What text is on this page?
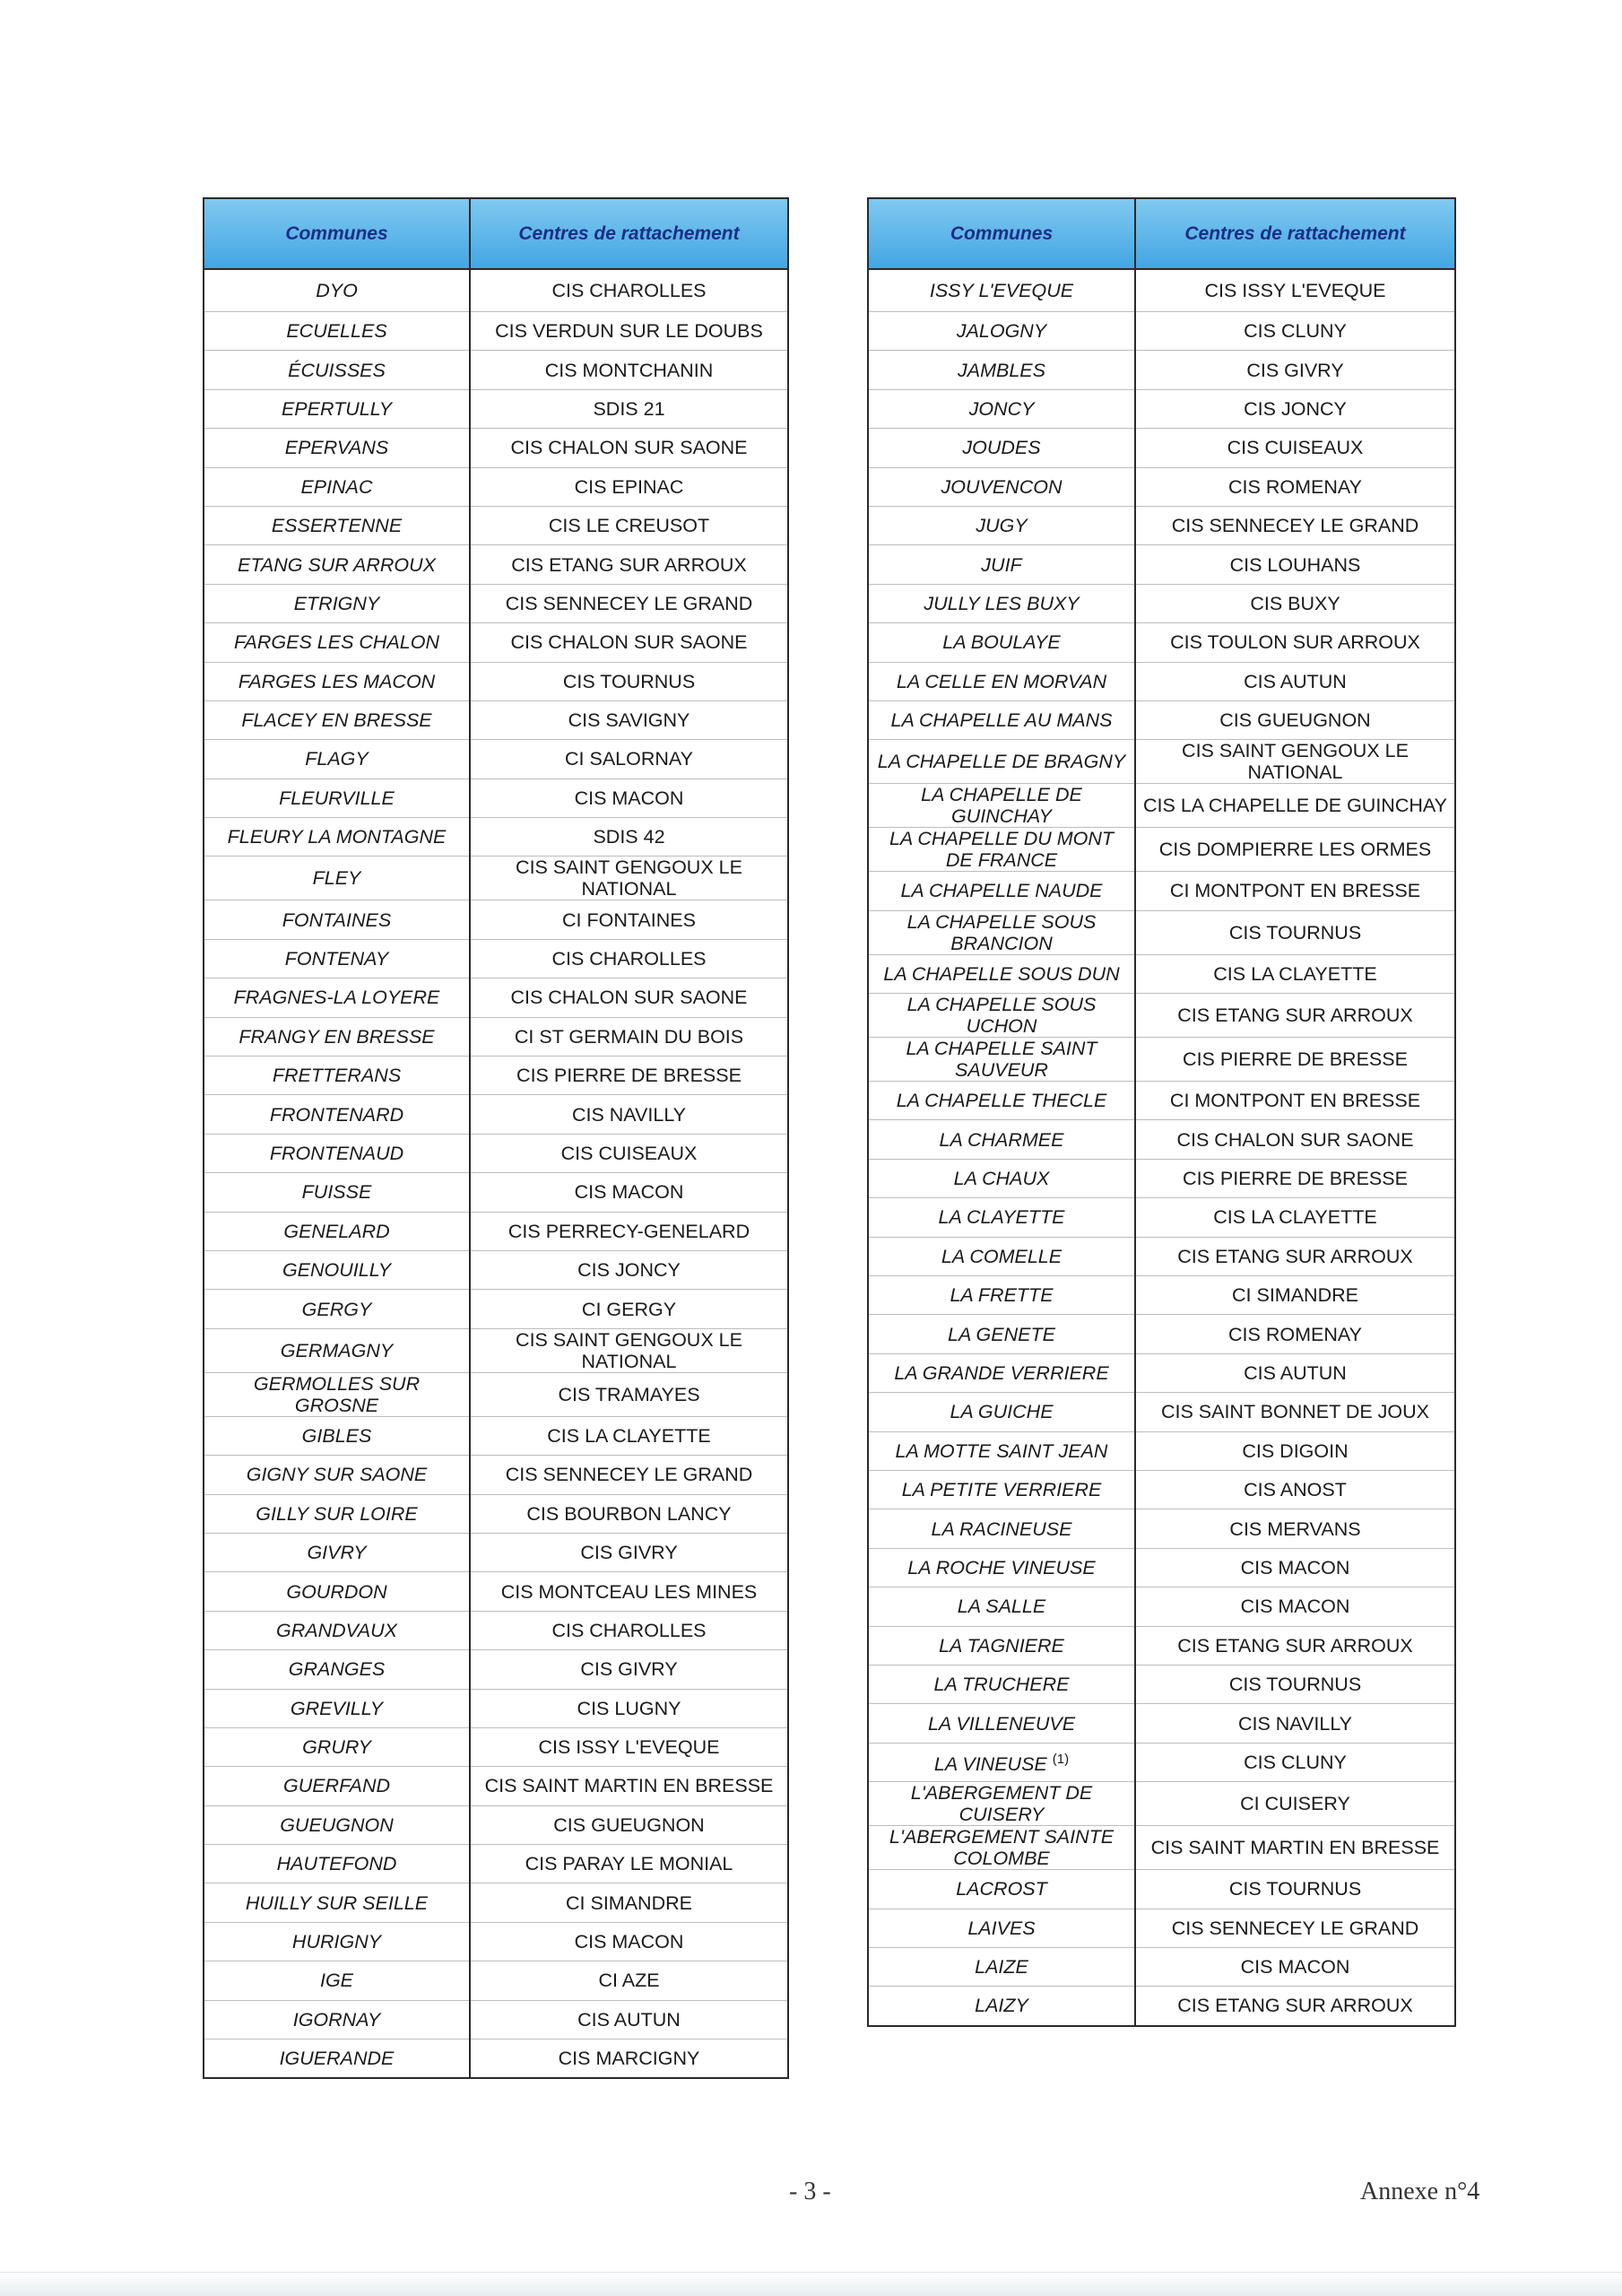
Communes	Centres de rattachement
DYO	CIS CHAROLLES
ECUELLES	CIS VERDUN SUR LE DOUBS
ÉCUISSES	CIS MONTCHANIN
EPERTULLY	SDIS 21
EPERVANS	CIS CHALON SUR SAONE
EPINAC	CIS EPINAC
ESSERTENNE	CIS LE CREUSOT
ETANG SUR ARROUX	CIS ETANG SUR ARROUX
ETRIGNY	CIS SENNECEY LE GRAND
FARGES LES CHALON	CIS CHALON SUR SAONE
FARGES LES MACON	CIS TOURNUS
FLACEY EN BRESSE	CIS SAVIGNY
FLAGY	CI SALORNAY
FLEURVILLE	CIS MACON
FLEURY LA MONTAGNE	SDIS 42
FLEY	CIS SAINT GENGOUX LE NATIONAL
FONTAINES	CI FONTAINES
FONTENAY	CIS CHAROLLES
FRAGNES-LA LOYERE	CIS CHALON SUR SAONE
FRANGY EN BRESSE	CI ST GERMAIN DU BOIS
FRETTERANS	CIS PIERRE DE BRESSE
FRONTENARD	CIS NAVILLY
FRONTENAUD	CIS CUISEAUX
FUISSE	CIS MACON
GENELARD	CIS PERRECY-GENELARD
GENOUILLY	CIS JONCY
GERGY	CI GERGY
GERMAGNY	CIS SAINT GENGOUX LE NATIONAL
GERMOLLES SUR GROSNE	CIS TRAMAYES
GIBLES	CIS LA CLAYETTE
GIGNY SUR SAONE	CIS SENNECEY LE GRAND
GILLY SUR LOIRE	CIS BOURBON LANCY
GIVRY	CIS GIVRY
GOURDON	CIS MONTCEAU LES MINES
GRANDVAUX	CIS CHAROLLES
GRANGES	CIS GIVRY
GREVILLY	CIS LUGNY
GRURY	CIS ISSY L'EVEQUE
GUERFAND	CIS SAINT MARTIN EN BRESSE
GUEUGNON	CIS GUEUGNON
HAUTEFOND	CIS PARAY LE MONIAL
HUILLY SUR SEILLE	CI SIMANDRE
HURIGNY	CIS MACON
IGE	CI AZE
IGORNAY	CIS AUTUN
IGUERANDE	CIS MARCIGNY
Communes	Centres de rattachement
ISSY L'EVEQUE	CIS ISSY L'EVEQUE
JALOGNY	CIS CLUNY
JAMBLES	CIS GIVRY
JONCY	CIS JONCY
JOUDES	CIS CUISEAUX
JOUVENCON	CIS ROMENAY
JUGY	CIS SENNECEY LE GRAND
JUIF	CIS LOUHANS
JULLY LES BUXY	CIS BUXY
LA BOULAYE	CIS TOULON SUR ARROUX
LA CELLE EN MORVAN	CIS AUTUN
LA CHAPELLE AU MANS	CIS GUEUGNON
LA CHAPELLE DE BRAGNY	CIS SAINT GENGOUX LE NATIONAL
LA CHAPELLE DE GUINCHAY	CIS LA CHAPELLE DE GUINCHAY
LA CHAPELLE DU MONT DE FRANCE	CIS DOMPIERRE LES ORMES
LA CHAPELLE NAUDE	CI MONTPONT EN BRESSE
LA CHAPELLE SOUS BRANCION	CIS TOURNUS
LA CHAPELLE SOUS DUN	CIS LA CLAYETTE
LA CHAPELLE SOUS UCHON	CIS ETANG SUR ARROUX
LA CHAPELLE SAINT SAUVEUR	CIS PIERRE DE BRESSE
LA CHAPELLE THECLE	CI MONTPONT EN BRESSE
LA CHARMEE	CIS CHALON SUR SAONE
LA CHAUX	CIS PIERRE DE BRESSE
LA CLAYETTE	CIS LA CLAYETTE
LA COMELLE	CIS ETANG SUR ARROUX
LA FRETTE	CI SIMANDRE
LA GENETE	CIS ROMENAY
LA GRANDE VERRIERE	CIS AUTUN
LA GUICHE	CIS SAINT BONNET DE JOUX
LA MOTTE SAINT JEAN	CIS DIGOIN
LA PETITE VERRIERE	CIS ANOST
LA RACINEUSE	CIS MERVANS
LA ROCHE VINEUSE	CIS MACON
LA SALLE	CIS MACON
LA TAGNIERE	CIS ETANG SUR ARROUX
LA TRUCHERE	CIS TOURNUS
LA VILLENEUVE	CIS NAVILLY
LA VINEUSE $^{(1)}$	CIS CLUNY
L'ABERGEMENT DE CUISERY	CI CUISERY
L'ABERGEMENT SAINTE COLOMBE	CIS SAINT MARTIN EN BRESSE
LACROST	CIS TOURNUS
LAIVES	CIS SENNECEY LE GRAND
LAIZE	CIS MACON
LAIZY	CIS ETANG SUR ARROUX
- 3 -	Annexe n°4
